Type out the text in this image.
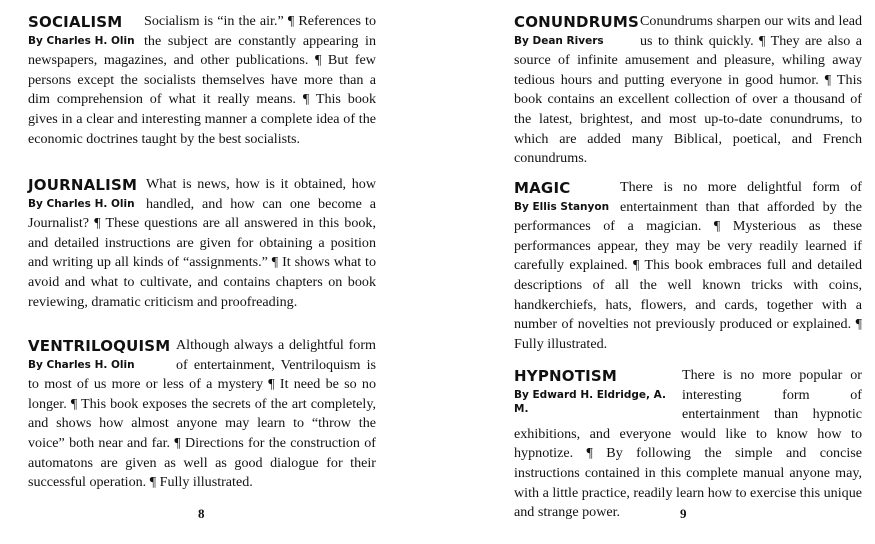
SOCIALISM
By Charles H. Olin
Socialism is “in the air.” ¶ References to the subject are constantly appearing in newspapers, magazines, and other publications. ¶ But few persons except the socialists themselves have more than a dim comprehension of what it really means. ¶ This book gives in a clear and interesting manner a complete idea of the economic doctrines taught by the best socialists.
JOURNALISM
By Charles H. Olin
What is news, how is it obtained, how handled, and how can one become a Journalist? ¶ These questions are all answered in this book, and detailed instructions are given for obtaining a position and writing up all kinds of “assignments.” ¶ It shows what to avoid and what to cultivate, and contains chapters on book reviewing, dramatic criticism and proofreading.
VENTRILOQUISM
By Charles H. Olin
Although always a delightful form of entertainment, Ventriloquism is to most of us more or less of a mystery ¶ It need be so no longer. ¶ This book exposes the secrets of the art completely, and shows how almost anyone may learn to “throw the voice” both near and far. ¶ Directions for the construction of automatons are given as well as good dialogue for their successful operation. ¶ Fully illustrated.
8
CONUNDRUMS
By Dean Rivers
Conundrums sharpen our wits and lead us to think quickly. ¶ They are also a source of infinite amusement and pleasure, whiling away tedious hours and putting everyone in good humor. ¶ This book contains an excellent collection of over a thousand of the latest, brightest, and most up-to-date conundrums, to which are added many Biblical, poetical, and French conundrums.
MAGIC
By Ellis Stanyon
There is no more delightful form of entertainment than that afforded by the performances of a magician. ¶ Mysterious as these performances appear, they may be very readily learned if carefully explained. ¶ This book embraces full and detailed descriptions of all the well known tricks with coins, handkerchiefs, hats, flowers, and cards, together with a number of novelties not previously produced or explained. ¶ Fully illustrated.
HYPNOTISM
By Edward H. Eldridge, A. M.
There is no more popular or interesting form of entertainment than hypnotic exhibitions, and everyone would like to know how to hypnotize. ¶ By following the simple and concise instructions contained in this complete manual anyone may, with a little practice, readily learn how to exercise this unique and strange power.	9
